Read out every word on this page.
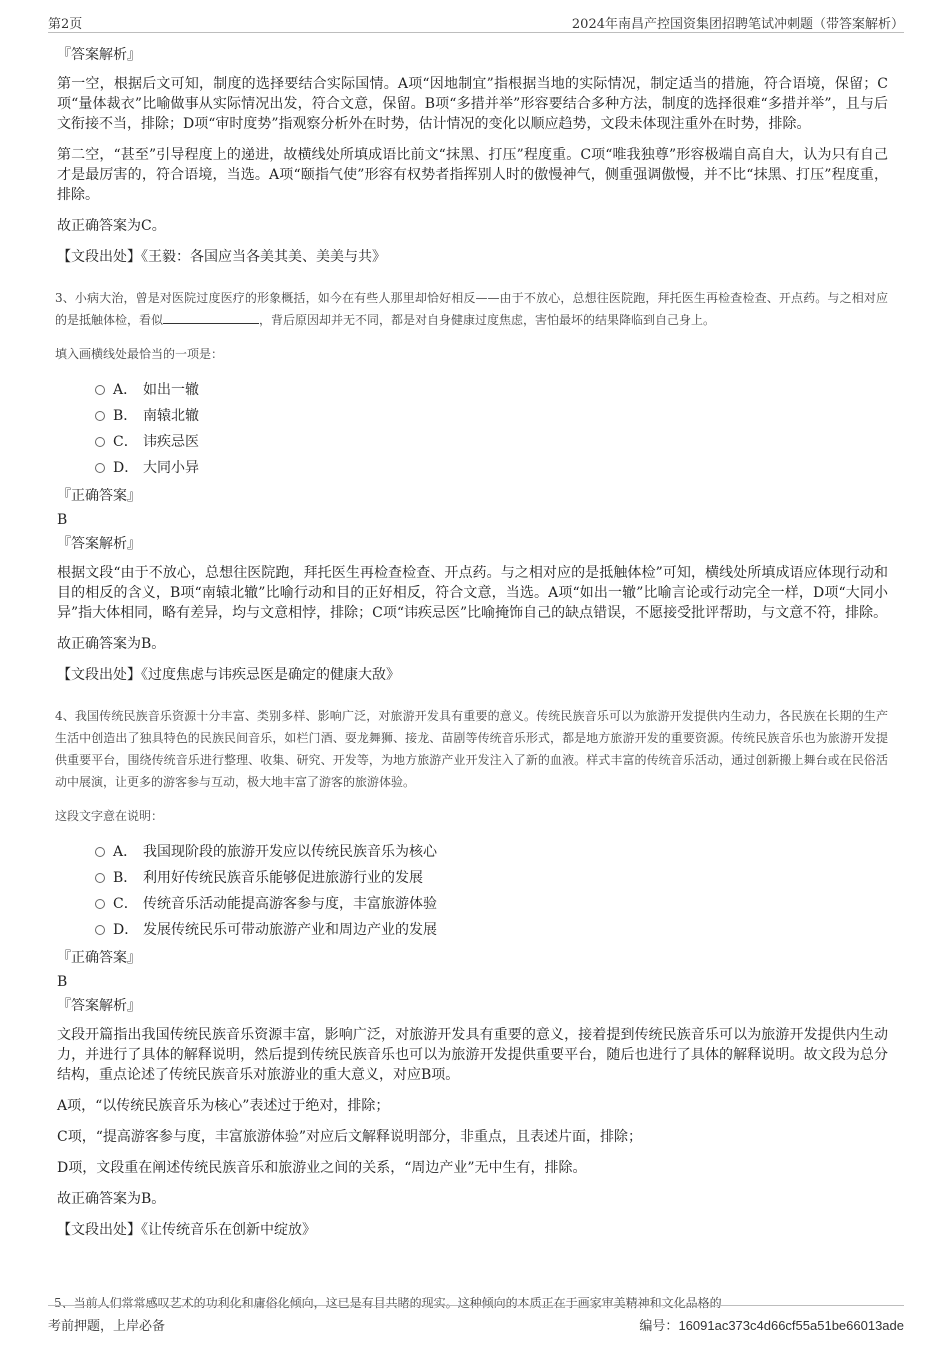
第2页	2024年南昌产控国资集团招聘笔试冲刺题（带答案解析）
『答案解析』

第一空，根据后文可知，制度的选择要结合实际国情。A项“因地制宜”指根据当地的实际情况，制定适当的措施，符合语境，保留；C项“量体裁衣”比喻做事从实际情况出发，符合文意，保留。B项“多措并举”形容要结合多种方法，制度的选择很难“多措并举”，且与后文衔接不当，排除；D项“审时度势”指观察分析外在时势，估计情况的变化以顺应趋势，文段未体现注重外在时势，排除。

第二空，“甚至”引导程度上的递进，故横线处所填成语比前文“抹黑、打压”程度重。C项“唯我独尊”形容极端自高自大，认为只有自己才是最厉害的，符合语境，当选。A项“颐指气使”形容有权势者指挥别人时的傲慢神气，侧重强调傲慢，并不比“抹黑、打压”程度重，排除。

故正确答案为C。

【文段出处】《王毅：各国应当各美其美、美美与共》

3、小病大治，曾是对医院过度医疗的形象概括，如今在有些人那里却恰好相反——由于不放心，总想往医院跑，拜托医生再检查检查、开点药。与之相对应的是抵触体检，看似	，背后原因却并无不同，都是对自身健康过度焦虑，害怕最坏的结果降临到自己身上。

填入画横线处最恰当的一项是：

A． 如出一辙
B． 南辕北辙
C． 讳疾忌医
D． 大同小异
『正确答案』
B
『答案解析』

根据文段“由于不放心，总想往医院跑，拜托医生再检查检查、开点药。与之相对应的是抵触体检”可知，横线处所填成语应体现行动和目的相反的含义，B项“南辕北辙”比喻行动和目的正好相反，符合文意，当选。A项“如出一辙”比喻言论或行动完全一样，D项“大同小异”指大体相同，略有差异，均与文意相悖，排除；C项“讳疾忌医”比喻掩饰自己的缺点错误，不愿接受批评帮助，与文意不符，排除。

故正确答案为B。

【文段出处】《过度焦虑与讳疾忌医是确定的健康大敌》

4、我国传统民族音乐资源十分丰富、类别多样、影响广泛，对旅游开发具有重要的意义。传统民族音乐可以为旅游开发提供内生动力，各民族在长期的生产生活中创造出了独具特色的民族民间音乐，如栏门酒、耍龙舞狮、接龙、苗剧等传统音乐形式，都是地方旅游开发的重要资源。传统民族音乐也为旅游开发提供重要平台，围绕传统音乐进行整理、收集、研究、开发等，为地方旅游产业开发注入了新的血液。样式丰富的传统音乐活动，通过创新搬上舞台或在民俗活动中展演，让更多的游客参与互动，极大地丰富了游客的旅游体验。

这段文字意在说明：

A． 我国现阶段的旅游开发应以传统民族音乐为核心
B． 利用好传统民族音乐能够促进旅游行业的发展
C． 传统音乐活动能提高游客参与度，丰富旅游体验
D． 发展传统民乐可带动旅游产业和周边产业的发展
『正确答案』
B
『答案解析』

文段开篇指出我国传统民族音乐资源丰富，影响广泛，对旅游开发具有重要的意义，接着提到传统民族音乐可以为旅游开发提供内生动力，并进行了具体的解释说明，然后提到传统民族音乐也可以为旅游开发提供重要平台，随后也进行了具体的解释说明。故文段为总分结构，重点论述了传统民族音乐对旅游业的重大意义，对应B项。

A项，“以传统民族音乐为核心”表述过于绝对，排除；

C项，“提高游客参与度，丰富旅游体验”对应后文解释说明部分，非重点，且表述片面，排除；

D项，文段重在阐述传统民族音乐和旅游业之间的关系，“周边产业”无中生有，排除。

故正确答案为B。

【文段出处】《让传统音乐在创新中绽放》

5、当前人们常常感叹艺术的功利化和庸俗化倾向，这已是有目共睹的现实。这种倾向的本质正在于画家审美精神和文化品格的
考前押题，上岸必备	编号：16091ac373c4d66cf55a51be66013ade
